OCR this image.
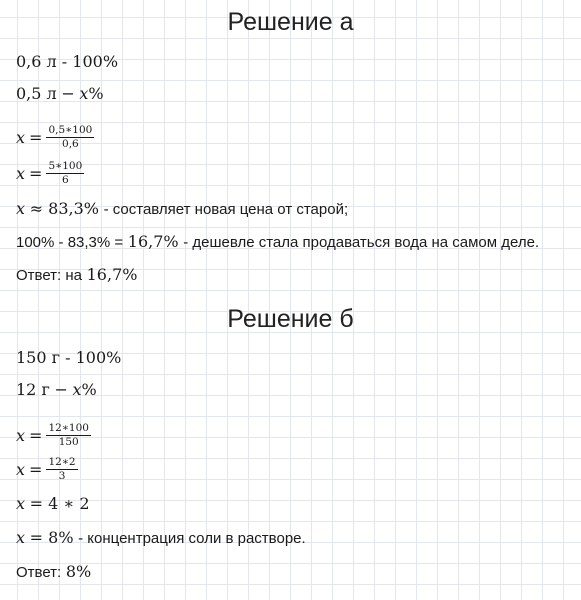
Решение а
0,6 л - 100%
0,5 л − x%
$x = \frac{0,5∗100}{0,6}$
$x = \frac{5∗100}{6}$
x ≈ 83,3% - составляет новая цена от старой;
100% - 83,3% = 16,7% - дешевле стала продаваться вода на самом деле.
Ответ: на 16,7%
Решение б
150 г - 100%
12 г − x%
$x = \frac{12∗100}{150}$
$x = \frac{12∗2}{3}$
x = 4 ∗ 2
x = 8% - концентрация соли в растворе.
Ответ: 8%
